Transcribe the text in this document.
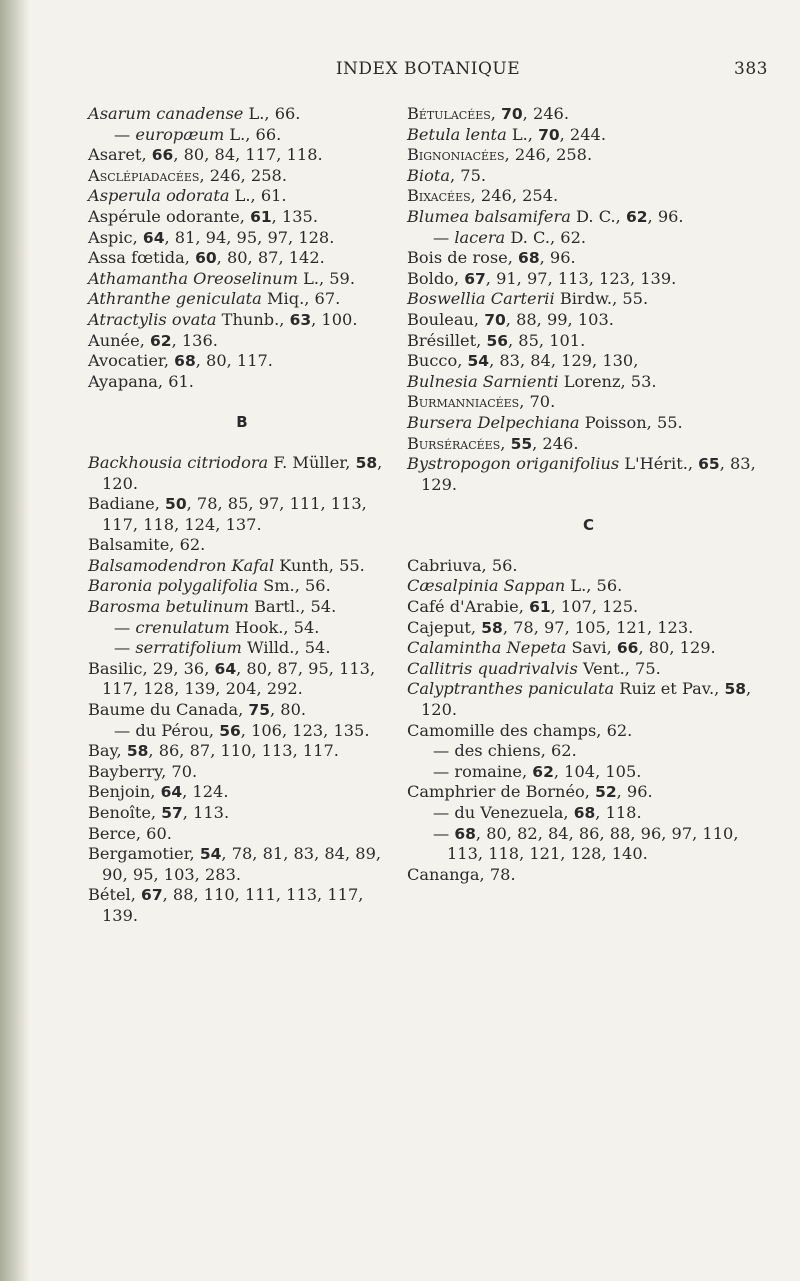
INDEX BOTANIQUE	383
Asarum canadense L., 66.
— europæum L., 66.
Asaret, 66, 80, 84, 117, 118.
Asclépiadacées, 246, 258.
Asperula odorata L., 61.
Aspérule odorante, 61, 135.
Aspic, 64, 81, 94, 95, 97, 128.
Assa fœtida, 60, 80, 87, 142.
Athamantha Oreoselinum L., 59.
Athranthe geniculata Miq., 67.
Atractylis ovata Thunb., 63, 100.
Aunée, 62, 136.
Avocatier, 68, 80, 117.
Ayapana, 61.
B
Backhousia citriodora F. Müller, 58, 120.
Badiane, 50, 78, 85, 97, 111, 113, 117, 118, 124, 137.
Balsamite, 62.
Balsamodendron Kafal Kunth, 55.
Baronia polygalifolia Sm., 56.
Barosma betulinum Bartl., 54.
— crenulatum Hook., 54.
— serratifolium Willd., 54.
Basilic, 29, 36, 64, 80, 87, 95, 113, 117, 128, 139, 204, 292.
Baume du Canada, 75, 80.
— du Pérou, 56, 106, 123, 135.
Bay, 58, 86, 87, 110, 113, 117.
Bayberry, 70.
Benjoin, 64, 124.
Benoîte, 57, 113.
Berce, 60.
Bergamotier, 54, 78, 81, 83, 84, 89, 90, 95, 103, 283.
Bétel, 67, 88, 110, 111, 113, 117, 139.
Bétulacées, 70, 246.
Betula lenta L., 70, 244.
Bignoniacées, 246, 258.
Biota, 75.
Bixacées, 246, 254.
Blumea balsamifera D. C., 62, 96.
— lacera D. C., 62.
Bois de rose, 68, 96.
Boldo, 67, 91, 97, 113, 123, 139.
Boswellia Carterii Birdw., 55.
Bouleau, 70, 88, 99, 103.
Brésillet, 56, 85, 101.
Bucco, 54, 83, 84, 129, 130,
Bulnesia Sarnienti Lorenz, 53.
Burmanniacées, 70.
Bursera Delpechiana Poisson, 55.
Burséracées, 55, 246.
Bystropogon origanifolius L'Hérit., 65, 83, 129.
C
Cabriuva, 56.
Cæsalpinia Sappan L., 56.
Café d'Arabie, 61, 107, 125.
Cajeput, 58, 78, 97, 105, 121, 123.
Calamintha Nepeta Savi, 66, 80, 129.
Callitris quadrivalvis Vent., 75.
Calyptranthes paniculata Ruiz et Pav., 58, 120.
Camomille des champs, 62.
— des chiens, 62.
— romaine, 62, 104, 105.
Camphrier de Bornéo, 52, 96.
— du Venezuela, 68, 118.
— 68, 80, 82, 84, 86, 88, 96, 97, 110, 113, 118, 121, 128, 140.
Cananga, 78.
